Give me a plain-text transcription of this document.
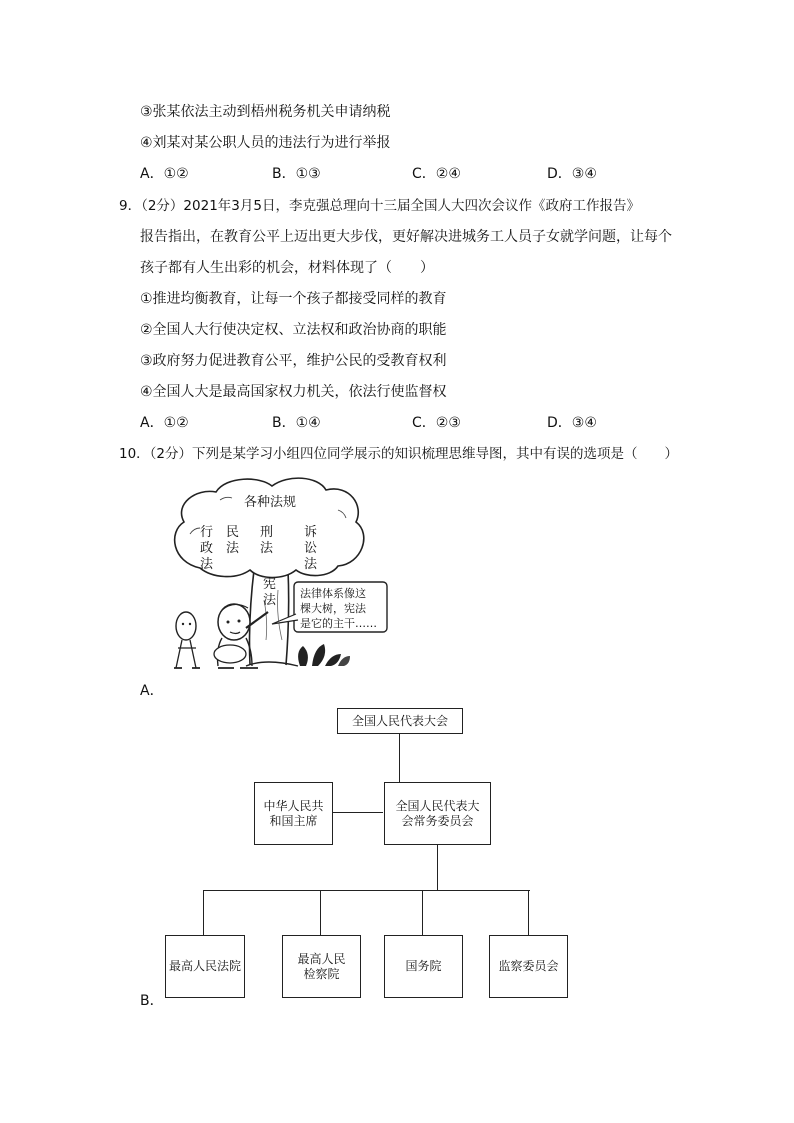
③张某依法主动到梧州税务机关申请纳税
④刘某对某公职人员的违法行为进行举报
A．①②	B．①③	C．②④	D．③④
9．（2分）2021年3月5日，李克强总理向十三届全国人大四次会议作《政府工作报告》
报告指出，在教育公平上迈出更大步伐，更好解决进城务工人员子女就学问题，让每个
孩子都有人生出彩的机会，材料体现了（　　）
①推进均衡教育，让每一个孩子都接受同样的教育
②全国人大行使决定权、立法权和政治协商的职能
③政府努力促进教育公平，维护公民的受教育权利
④全国人大是最高国家权力机关，依法行使监督权
A．①②	B．①④	C．②③	D．③④
10．（2分）下列是某学习小组四位同学展示的知识梳理思维导图，其中有误的选项是（　　）
各种法规
行政法
民法
刑法
诉讼法
宪法 法律体系像这
棵大树，宪法
是它的主干……
A．
全国人民代表大会
中华人民共
和国主席
全国人民代表大
会常务委员会
最高人民法院
最高人民
检察院
国务院	监察委员会
B．
